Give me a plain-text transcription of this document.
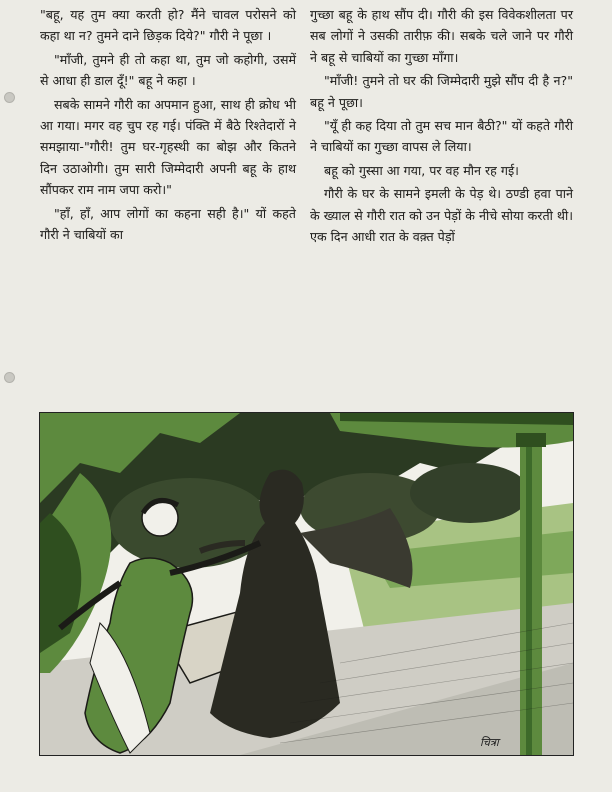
"बहू, यह तुम क्या करती हो? मैंने चावल परोसने को कहा था न? तुमने दाने छिड़क दिये?" गौरी ने पूछा ।

"माँजी, तुमने ही तो कहा था, तुम जो कहोगी, उसमें से आधा ही डाल दूँ!" बहू ने कहा ।

सबके सामने गौरी का अपमान हुआ, साथ ही क्रोध भी आ गया। मगर वह चुप रह गई। पंक्ति में बैठे रिश्तेदारों ने समझाया-"गौरी! तुम घर-गृहस्थी का बोझ और कितने दिन उठाओगी। तुम सारी जिम्मेदारी अपनी बहू के हाथ सौंपकर राम नाम जपा करो।"

"हाँ, हाँ, आप लोगों का कहना सही है।" यों कहते गौरी ने चाबियों का

गुच्छा बहू के हाथ सौंप दी। गौरी की इस विवेकशीलता पर सब लोगों ने उसकी तारीफ़ की। सबके चले जाने पर गौरी ने बहू से चाबियों का गुच्छा माँगा।

"माँजी! तुमने तो घर की जिम्मेदारी मुझे सौंप दी है न?" बहू ने पूछा।

"यूँ ही कह दिया तो तुम सच मान बैठी?" यों कहते गौरी ने चाबियों का गुच्छा वापस ले लिया।

बहू को गुस्सा आ गया, पर वह मौन रह गई।

गौरी के घर के सामने इमली के पेड़ थे। ठण्डी हवा पाने के ख्याल से गौरी रात को उन पेड़ों के नीचे सोया करती थी। एक दिन आधी रात के वक़्त पेड़ों

चित्रा
